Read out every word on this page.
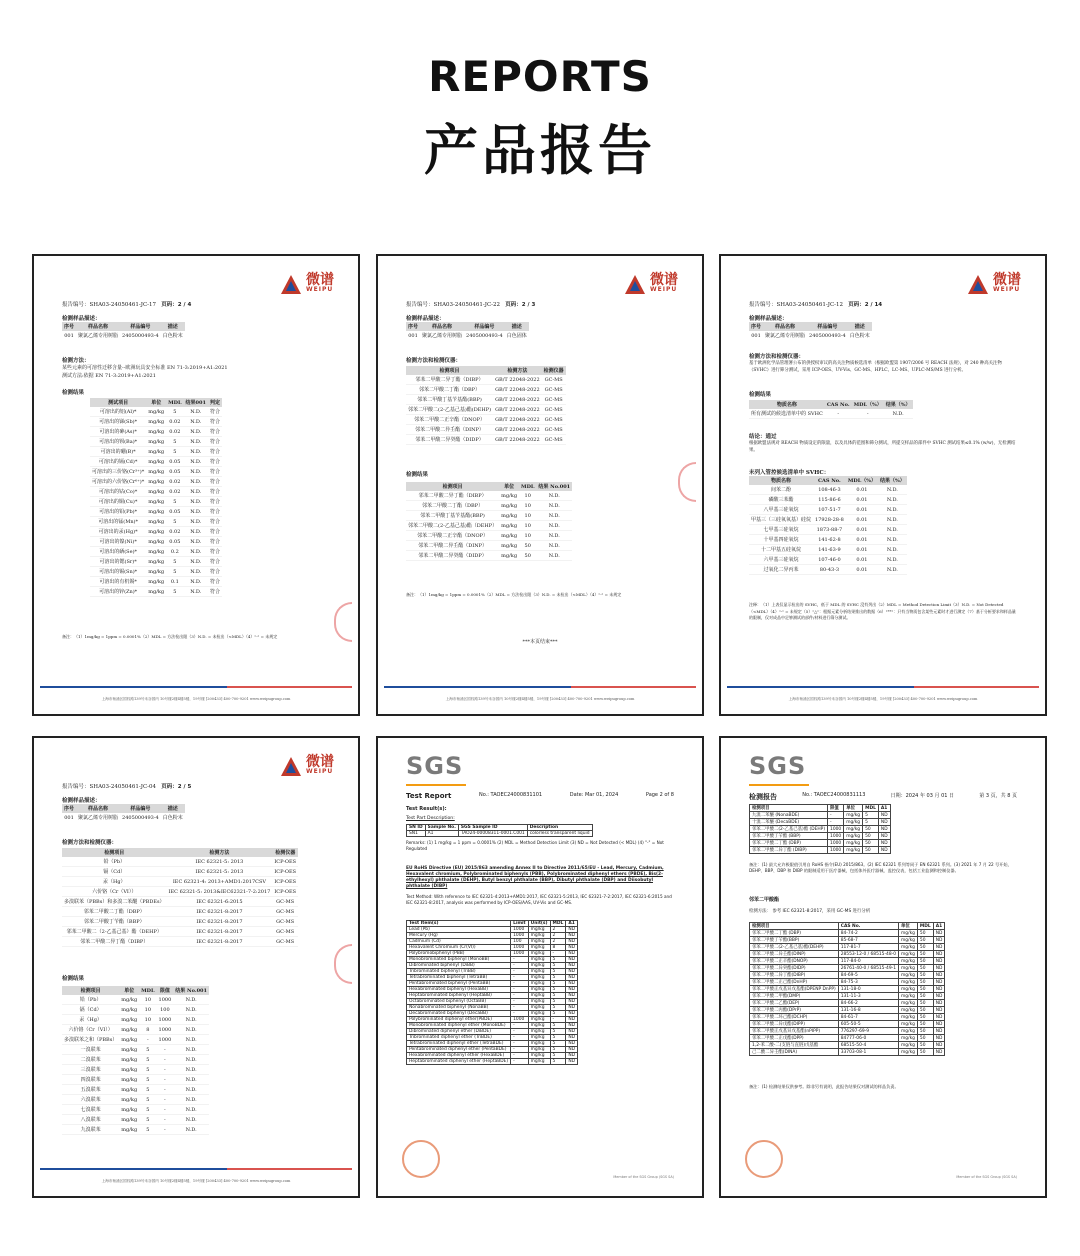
REPORTS
产品报告
微谱
WEIPU
报告编号：SHA03-24050461-JC-17 页码：2 / 4
检测样品描述：
序号	样品名称	样品编号	描述
001	聚氯乙烯专用树脂	2405000493-4	白色粉末
检测方法：
某些元素的可溶性迁移含量--欧洲玩具安全标准 EN 71-3:2019+A1:2021
测试方法:依据 EN 71-3:2019+A1:2021
检测结果
测试项目	单位	MDL	结果001	判定
可溶出的铝(Al)*	mg/kg	5	N.D.	符合
可溶出的锑(Sb)*	mg/kg	0.02	N.D.	符合
可溶出的砷(As)*	mg/kg	0.02	N.D.	符合
可溶出的钡(Ba)*	mg/kg	5	N.D.	符合
可溶出的硼(B)*	mg/kg	5	N.D.	符合
可溶出的镉(Cd)*	mg/kg	0.05	N.D.	符合
可溶出的三价铬(Cr³⁺)*	mg/kg	0.05	N.D.	符合
可溶出的六价铬(Cr⁶⁺)*	mg/kg	0.02	N.D.	符合
可溶出的钴(Co)*	mg/kg	0.02	N.D.	符合
可溶出的铜(Cu)*	mg/kg	5	N.D.	符合
可溶出的铅(Pb)*	mg/kg	0.05	N.D.	符合
可溶出的锰(Mn)*	mg/kg	5	N.D.	符合
可溶出的汞(Hg)*	mg/kg	0.02	N.D.	符合
可溶出的镍(Ni)*	mg/kg	0.05	N.D.	符合
可溶出的硒(Se)*	mg/kg	0.2	N.D.	符合
可溶出的锶(Sr)*	mg/kg	5	N.D.	符合
可溶出的锡(Sn)*	mg/kg	5	N.D.	符合
可溶出的有机锡*	mg/kg	0.1	N.D.	符合
可溶出的锌(Zn)*	mg/kg	5	N.D.	符合
备注：（1）1mg/kg = 1ppm = 0.0001%（2）MDL = 方法检出限（3）N.D. = 未检出（<MDL）（4）"-" = 未规定
上海市杨浦区国权路139号禾谷园内 10号楼2楼4楼5楼，19号楼 [200433] 400-700-9201 www.weipugroup.com
微谱
WEIPU
报告编号：SHA03-24050461-JC-22 页码：2 / 3
检测样品描述：
序号	样品名称	样品编号	描述
001	聚氯乙烯专用树脂	2405000493-4	白色固体
检测方法和检测仪器：
检测项目	检测方法	检测仪器
邻苯二甲酸二异丁酯（DIBP）	GB/T 22048-2022	GC-MS
邻苯二甲酸二丁酯（DBP）	GB/T 22048-2022	GC-MS
邻苯二甲酸丁基苄基酯(BBP)	GB/T 22048-2022	GC-MS
邻苯二甲酸二(2-乙基己基)酯(DEHP)	GB/T 22048-2022	GC-MS
邻苯二甲酸二正辛酯（DNOP）	GB/T 22048-2022	GC-MS
邻苯二甲酸二异壬酯（DINP）	GB/T 22048-2022	GC-MS
邻苯二甲酸二异癸酯（DIDP）	GB/T 22048-2022	GC-MS
检测结果
检测项目	单位	MDL	结果 No.001
邻苯二甲酸二异丁酯（DIBP）	mg/kg	10	N.D.
邻苯二甲酸二丁酯（DBP）	mg/kg	10	N.D.
邻苯二甲酸丁基苄基酯(BBP)	mg/kg	10	N.D.
邻苯二甲酸二(2-乙基己基)酯（DEHP）	mg/kg	10	N.D.
邻苯二甲酸二正辛酯（DNOP）	mg/kg	10	N.D.
邻苯二甲酸二异壬酯（DINP）	mg/kg	50	N.D.
邻苯二甲酸二异癸酯（DIDP）	mg/kg	50	N.D.
备注：（1）1mg/kg = 1ppm = 0.0001%（2）MDL = 方法检出限（3）N.D. = 未检出（<MDL）（4）"-" = 未规定
***本页结束***
上海市杨浦区国权路139号禾谷园内 10号楼2楼4楼5楼，19号楼 [200433] 400-700-9201 www.weipugroup.com
微谱
WEIPU
报告编号：SHA03-24050461-JC-12 页码：2 / 14
检测样品描述：
序号	样品名称	样品编号	描述
001	聚氯乙烯专用树脂	2405000493-4	白色粉末
检测方法和检测仪器：
基于欧洲化学品管理署公布的供授权审议的高关注物质候选清单（根据欧盟第 1907/2006 号 REACH 法规），对 240 种高关注物（SVHC）进行筛分测试，采用 ICP-OES、UV-Vis、GC-MS、HPLC、LC-MS、UPLC-MS/MS 进行分析。
检测结果
物质名称	CAS No.	MDL（%）	结果（%）
所有测试的候选清单中的 SVHC	-	-	N.D.
结论：通过
根据欧盟法规对 REACH 物质设定的限量，以及具体的范围和筛分测试，所提交样品的部件中 SVHC 测试结果≤0.1% (w/w)，无检测结果。
未列入管控候选清单中 SVHC：
物质名称	CAS No.	MDL（%）	结果（%）
间苯二酚	108-46-3	0.01	N.D.
磷酸三苯酯	115-86-6	0.01	N.D.
八甲基三硅氧烷	107-51-7	0.01	N.D.
甲基三（三硅氧氧基）硅烷	17928-28-8	0.01	N.D.
七甲基三硅氧烷	1873-88-7	0.01	N.D.
十甲基四硅氧烷	141-62-8	0.01	N.D.
十二甲基五硅氧烷	141-63-9	0.01	N.D.
六甲基三硅氧烷	107-46-0	0.01	N.D.
过氧化二异丙苯	80-43-3	0.01	N.D.
注释：（1）上表仅显示检出的 SVHC，低于 MDL 的 SVHC 没有列出（2）MDL = Method Detection Limit（3）N.D. = Not Detected（<MDL）（4）"-" = 未规定（5）"△"：根据元素分析结果推出的数据（6）"**"：只有当物质包含某些元素时才进行测定（7）基于分析要求和样品量的限制，仅对成品中足够测试的部件/材料进行筛分测试。
上海市杨浦区国权路139号禾谷园内 10号楼2楼4楼5楼，19号楼 [200433] 400-700-9201 www.weipugroup.com
微谱
WEIPU
报告编号：SHA03-24050461-JC-04 页码：2 / 5
检测样品描述：
序号	样品名称	样品编号	描述
001	聚氯乙烯专用树脂	2405000493-4	白色粉末
检测方法和检测仪器：
检测项目	检测方法	检测仪器
铅（Pb）	IEC 62321-5: 2013	ICP-OES
镉（Cd）	IEC 62321-5: 2013	ICP-OES
汞（Hg）	IEC 62321-4: 2013+AMD1:2017CSV	ICP-OES
六价铬（Cr（VI））	IEC 62321-5: 2013&IEC62321-7-2:2017	ICP-OES
多溴联苯（PBBs）和多溴二苯醚（PBDEs）	IEC 62321-6:2015	GC-MS
邻苯二甲酸二丁酯（DBP）	IEC 62321-8:2017	GC-MS
邻苯二甲酸丁苄酯（BBP）	IEC 62321-8:2017	GC-MS
邻苯二甲酸二（2-乙基己基）酯（DEHP）	IEC 62321-8:2017	GC-MS
邻苯二甲酸二异丁酯（DIBP）	IEC 62321-8:2017	GC-MS
检测结果
检测项目	单位	MDL	限值	结果 No.001
铅（Pb）	mg/kg	10	1000	N.D.
镉（Cd）	mg/kg	10	100	N.D.
汞（Hg）	mg/kg	10	1000	N.D.
六价铬（Cr（VI））	mg/kg	8	1000	N.D.
多溴联苯之和（PBBs）	mg/kg	-	1000	N.D.
一溴联苯	mg/kg	5	-	N.D.
二溴联苯	mg/kg	5	-	N.D.
三溴联苯	mg/kg	5	-	N.D.
四溴联苯	mg/kg	5	-	N.D.
五溴联苯	mg/kg	5	-	N.D.
六溴联苯	mg/kg	5	-	N.D.
七溴联苯	mg/kg	5	-	N.D.
八溴联苯	mg/kg	5	-	N.D.
九溴联苯	mg/kg	5	-	N.D.
上海市杨浦区国权路139号禾谷园内 10号楼2楼4楼5楼，19号楼 [200433] 400-700-9201 www.weipugroup.com
SGS
Test Report	No.: TAOEC24000831101	Date: Mar 01, 2024	Page 2 of 8
Test Result(s):
Test Part Description:
SN ID	Sample No.	SGS Sample ID	Description
SN1	A1	TAO24-00008311-0001.C001	colorless transparent liquid
Remarks: (1) 1 mg/kg = 1 ppm = 0.0001% (2) MDL = Method Detection Limit (3) ND = Not Detected (< MDL) (4) "-" = Not Regulated
EU RoHS Directive (EU) 2015/863 amending Annex II to Directive 2011/65/EU - Lead, Mercury, Cadmium, Hexavalent chromium, Polybrominated biphenyls (PBB), Polybrominated diphenyl ethers (PBDE), Bis(2-ethylhexyl) phthalate (DEHP), Butyl benzyl phthalate (BBP), Dibutyl phthalate (DBP) and Diisobutyl phthalate (DIBP)
Test Method: With reference to IEC 62321-4:2013+AMD1:2017, IEC 62321-5:2013, IEC 62321-7-2:2017, IEC 62321-6:2015 and IEC 62321-8:2017, analysis was performed by ICP-OES/AAS, UV-Vis and GC-MS.
Test Item(s)	Limit	Unit(s)	MDL	A1
Lead (Pb)	1000	mg/kg	2	ND
Mercury (Hg)	1000	mg/kg	2	ND
Cadmium (Cd)	100	mg/kg	2	ND
Hexavalent Chromium (Cr(VI))	1000	mg/kg	8	ND
Polybromobiphenyl (PBB)	1000	mg/kg	-	ND
Monobrominated biphenyl (MonoBB)	-	mg/kg	5	ND
Dibrominated biphenyl (DiBB)	-	mg/kg	5	ND
Tribrominated biphenyl (TriBB)	-	mg/kg	5	ND
Tetrabrominated biphenyl (TetraBB)	-	mg/kg	5	ND
Pentabrominated biphenyl (PentaBB)	-	mg/kg	5	ND
Hexabrominated biphenyl (HexaBB)	-	mg/kg	5	ND
Heptabrominated biphenyl (HeptaBB)	-	mg/kg	5	ND
Octabrominated biphenyl (OctaBB)	-	mg/kg	5	ND
Nonabrominated biphenyl (NonaBB)	-	mg/kg	5	ND
Decabrominated biphenyl (DecaBB)	-	mg/kg	5	ND
Polybrominated diphenyl ether(PBDE)	1000	mg/kg	-	ND
Monobrominated diphenyl ether (MonoBDE)	-	mg/kg	5	ND
Dibrominated diphenyl ether (DiBDE)	-	mg/kg	5	ND
Tribrominated diphenyl ether (TriBDE)	-	mg/kg	5	ND
Tetrabrominated diphenyl ether (TetraBDE)	-	mg/kg	5	ND
Pentabrominated diphenyl ether (PentaBDE)	-	mg/kg	5	ND
Hexabrominated diphenyl ether (HexaBDE)	-	mg/kg	5	ND
Heptabrominated diphenyl ether (HeptaBDE)	-	mg/kg	5	ND
Member of the SGS Group (SGS SA)
SGS
检测报告	No.: TAOEC24000831113	日期：2024 年 03 月 01 日	第 3 页，共 8 页
检测项目	限值	单位	MDL	A1
九溴二苯醚 (NonaBDE)	-	mg/kg	5	ND
十溴二苯醚 (DecaBDE)	-	mg/kg	5	ND
邻苯二甲酸二(2-乙基己基)酯 (DEHP)	1000	mg/kg	50	ND
邻苯二甲酸丁苄酯 (BBP)	1000	mg/kg	50	ND
邻苯二甲酸二丁酯 (DBP)	1000	mg/kg	50	ND
邻苯二甲酸二异丁酯 (DIBP)	1000	mg/kg	50	ND
备注：(1) 最大允许极限值引用自 RoHS 指令(EU) 2015/863。(2) IEC 62321 系列等同于 EN 62321 系列。(3) 2021 年 7 月 22 号开始，DEHP、BBP、DBP 和 DIBP 的限制适用于医疗器械，包括体外医疗器械，监控仪表，包括工业监测和控制仪器。
邻苯二甲酸酯
检测方法： 参考 IEC 62321-8:2017，采用 GC-MS 进行分析
检测项目	CAS No.	单位	MDL	A1
邻苯二甲酸二丁酯 (DBP)	84-74-2	mg/kg	50	ND
邻苯二甲酸丁苄酯(BBP)	85-68-7	mg/kg	50	ND
邻苯二甲酸二(2-乙基己基)酯(DEHP)	117-81-7	mg/kg	50	ND
邻苯二甲酸二异壬酯(DINP)	28553-12-0 / 68515-48-0	mg/kg	50	ND
邻苯二甲酸二正辛酯(DNOP)	117-84-0	mg/kg	50	ND
邻苯二甲酸二异癸酯(DIDP)	26761-40-0 / 68515-49-1	mg/kg	50	ND
邻苯二甲酸二异丁酯(DIBP)	84-69-5	mg/kg	50	ND
邻苯二甲酸二正己酯(DnHP)	84-75-3	mg/kg	50	ND
邻苯二甲酸正戊基异戊基酯(DPENP DnPP)	131-18-0	mg/kg	50	ND
邻苯二甲酸二甲酯(DMP)	131-11-3	mg/kg	50	ND
邻苯二甲酸二乙酯(DEP)	84-66-2	mg/kg	50	ND
邻苯二甲酸二丙酯(DPrP)	131-16-8	mg/kg	50	ND
邻苯二甲酸二环己酯(DCHP)	84-61-7	mg/kg	50	ND
邻苯二甲酸二异戊酯(DIPP)	605-50-5	mg/kg	50	ND
邻苯二甲酸正戊基异戊基酯(nPIPP)	776297-69-9	mg/kg	50	ND
邻苯二甲酸二正戊酯(DPP)	84777-06-0	mg/kg	50	ND
1,2-苯二酸-二(支链与直链)戊基酯	68515-50-4	mg/kg	50	ND
己二酸二异壬酯(DINA)	33703-08-1	mg/kg	50	ND
备注：(1) 检测结果仅供参考。除非另有说明，此报告结果仅对测试的样品负责。
Member of the SGS Group (SGS SA)
